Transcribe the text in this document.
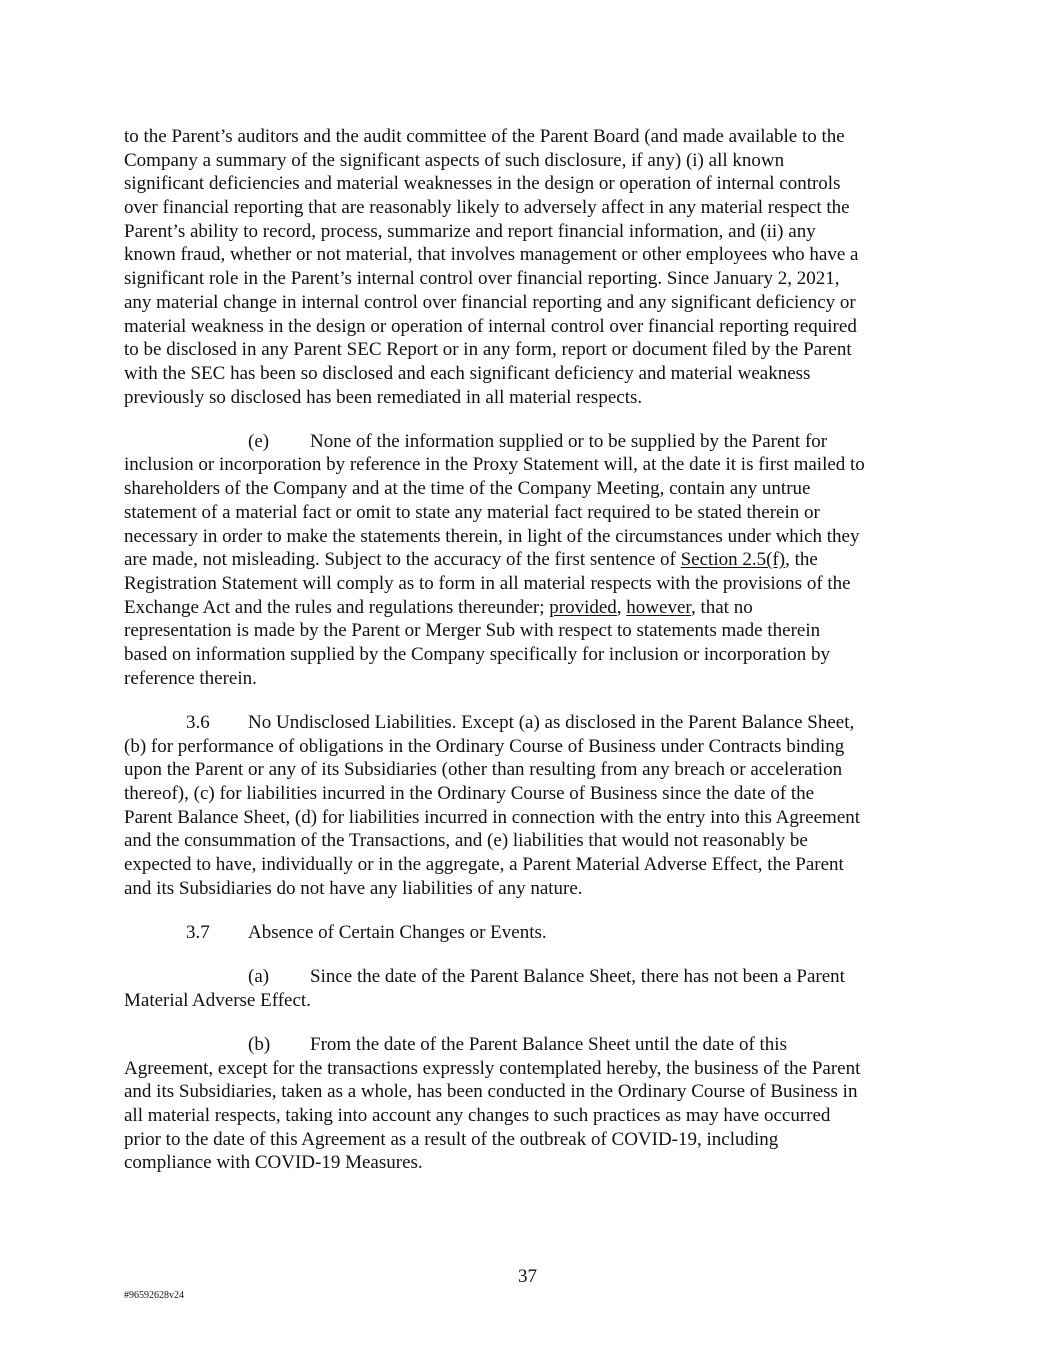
to the Parent’s auditors and the audit committee of the Parent Board (and made available to the
Company a summary of the significant aspects of such disclosure, if any) (i) all known
significant deficiencies and material weaknesses in the design or operation of internal controls
over financial reporting that are reasonably likely to adversely affect in any material respect the
Parent’s ability to record, process, summarize and report financial information, and (ii) any
known fraud, whether or not material, that involves management or other employees who have a
significant role in the Parent’s internal control over financial reporting. Since January 2, 2021,
any material change in internal control over financial reporting and any significant deficiency or
material weakness in the design or operation of internal control over financial reporting required
to be disclosed in any Parent SEC Report or in any form, report or document filed by the Parent
with the SEC has been so disclosed and each significant deficiency and material weakness
previously so disclosed has been remediated in all material respects.
(e) None of the information supplied or to be supplied by the Parent for
inclusion or incorporation by reference in the Proxy Statement will, at the date it is first mailed to
shareholders of the Company and at the time of the Company Meeting, contain any untrue
statement of a material fact or omit to state any material fact required to be stated therein or
necessary in order to make the statements therein, in light of the circumstances under which they
are made, not misleading. Subject to the accuracy of the first sentence of Section 2.5(f), the
Registration Statement will comply as to form in all material respects with the provisions of the
Exchange Act and the rules and regulations thereunder; provided, however, that no
representation is made by the Parent or Merger Sub with respect to statements made therein
based on information supplied by the Company specifically for inclusion or incorporation by
reference therein.
3.6 No Undisclosed Liabilities. Except (a) as disclosed in the Parent Balance Sheet,
(b) for performance of obligations in the Ordinary Course of Business under Contracts binding
upon the Parent or any of its Subsidiaries (other than resulting from any breach or acceleration
thereof), (c) for liabilities incurred in the Ordinary Course of Business since the date of the
Parent Balance Sheet, (d) for liabilities incurred in connection with the entry into this Agreement
and the consummation of the Transactions, and (e) liabilities that would not reasonably be
expected to have, individually or in the aggregate, a Parent Material Adverse Effect, the Parent
and its Subsidiaries do not have any liabilities of any nature.
3.7 Absence of Certain Changes or Events.
(a) Since the date of the Parent Balance Sheet, there has not been a Parent
Material Adverse Effect.
(b) From the date of the Parent Balance Sheet until the date of this
Agreement, except for the transactions expressly contemplated hereby, the business of the Parent
and its Subsidiaries, taken as a whole, has been conducted in the Ordinary Course of Business in
all material respects, taking into account any changes to such practices as may have occurred
prior to the date of this Agreement as a result of the outbreak of COVID-19, including
compliance with COVID-19 Measures.
37
#96592628v24
